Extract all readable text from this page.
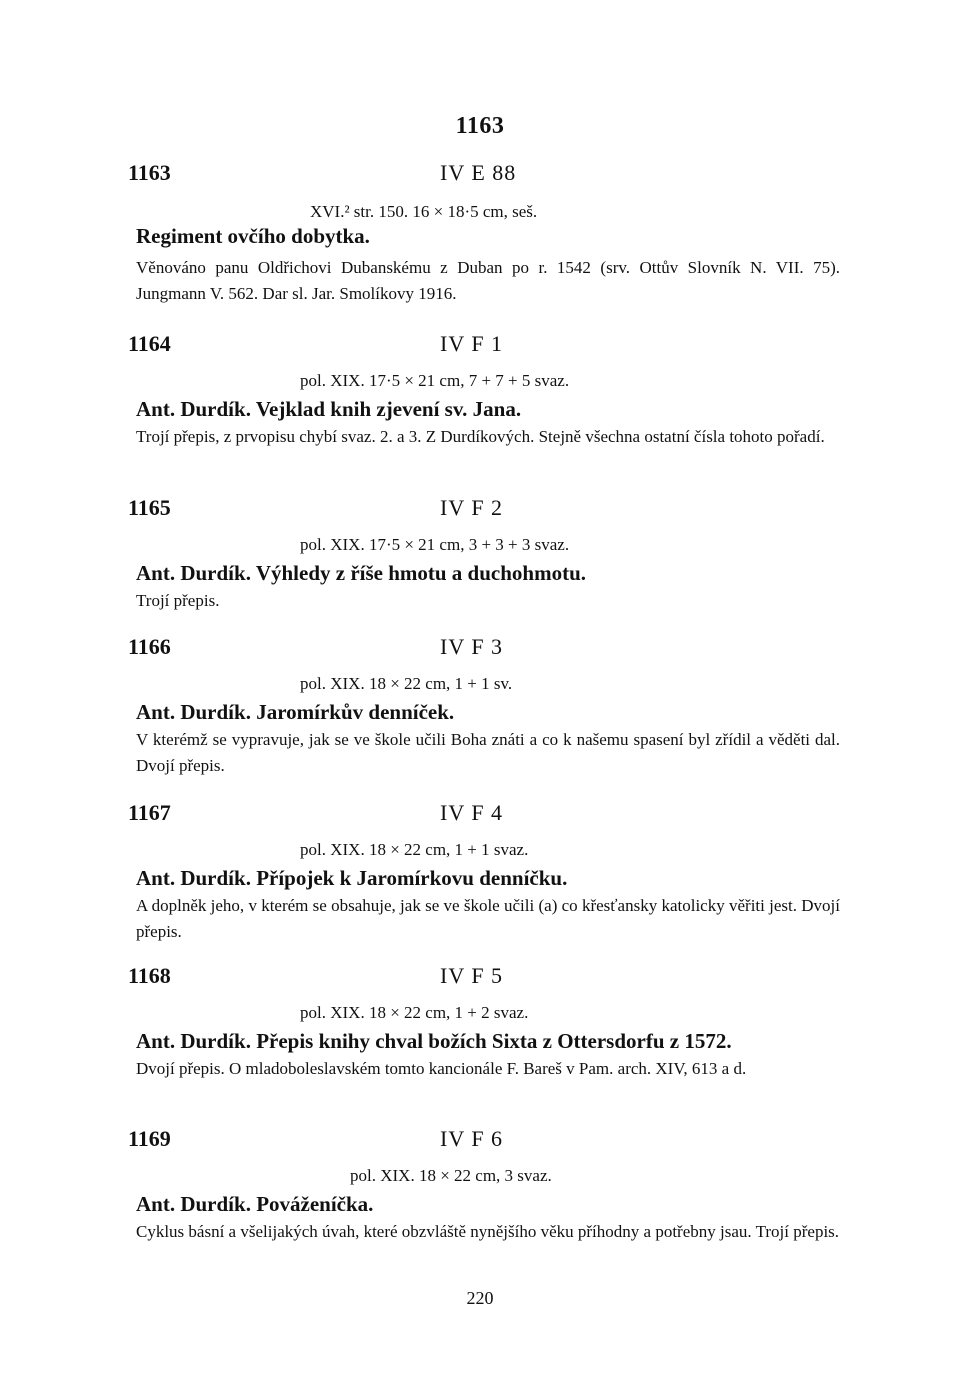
1163
1163	IV E 88
XVI.² str. 150. 16 × 18·5 cm, seš.
Regiment ovčího dobytka.
Věnováno panu Oldřichovi Dubanskému z Duban po r. 1542 (srv. Ottův Slovník N. VII. 75). Jungmann V. 562. Dar sl. Jar. Smolíkovy 1916.
1164	IV F 1
pol. XIX. 17·5 × 21 cm, 7 + 7 + 5 svaz.
Ant. Durdík. Vejklad knih zjevení sv. Jana.
Trojí přepis, z prvopisu chybí svaz. 2. a 3. Z Durdíkových. Stejně všechna ostatní čísla tohoto pořadí.
1165	IV F 2
pol. XIX. 17·5 × 21 cm, 3 + 3 + 3 svaz.
Ant. Durdík. Výhledy z říše hmotu a duchohmotu.
Trojí přepis.
1166	IV F 3
pol. XIX. 18 × 22 cm, 1 + 1 sv.
Ant. Durdík. Jaromírkův denníček.
V kterémž se vypravuje, jak se ve škole učili Boha znáti a co k našemu spasení byl zřídil a věděti dal. Dvojí přepis.
1167	IV F 4
pol. XIX. 18 × 22 cm, 1 + 1 svaz.
Ant. Durdík. Přípojek k Jaromírkovu denníčku.
A doplněk jeho, v kterém se obsahuje, jak se ve škole učili (a) co křesťansky katolicky věřiti jest. Dvojí přepis.
1168	IV F 5
pol. XIX. 18 × 22 cm, 1 + 2 svaz.
Ant. Durdík. Přepis knihy chval božích Sixta z Ottersdorfu z 1572.
Dvojí přepis. O mladoboleslavském tomto kancionále F. Bareš v Pam. arch. XIV, 613 a d.
1169	IV F 6
pol. XIX. 18 × 22 cm, 3 svaz.
Ant. Durdík. Pováženíčka.
Cyklus básní a všelijakých úvah, které obzvláště nynějšího věku příhodny a potřebny jsau. Trojí přepis.
220
